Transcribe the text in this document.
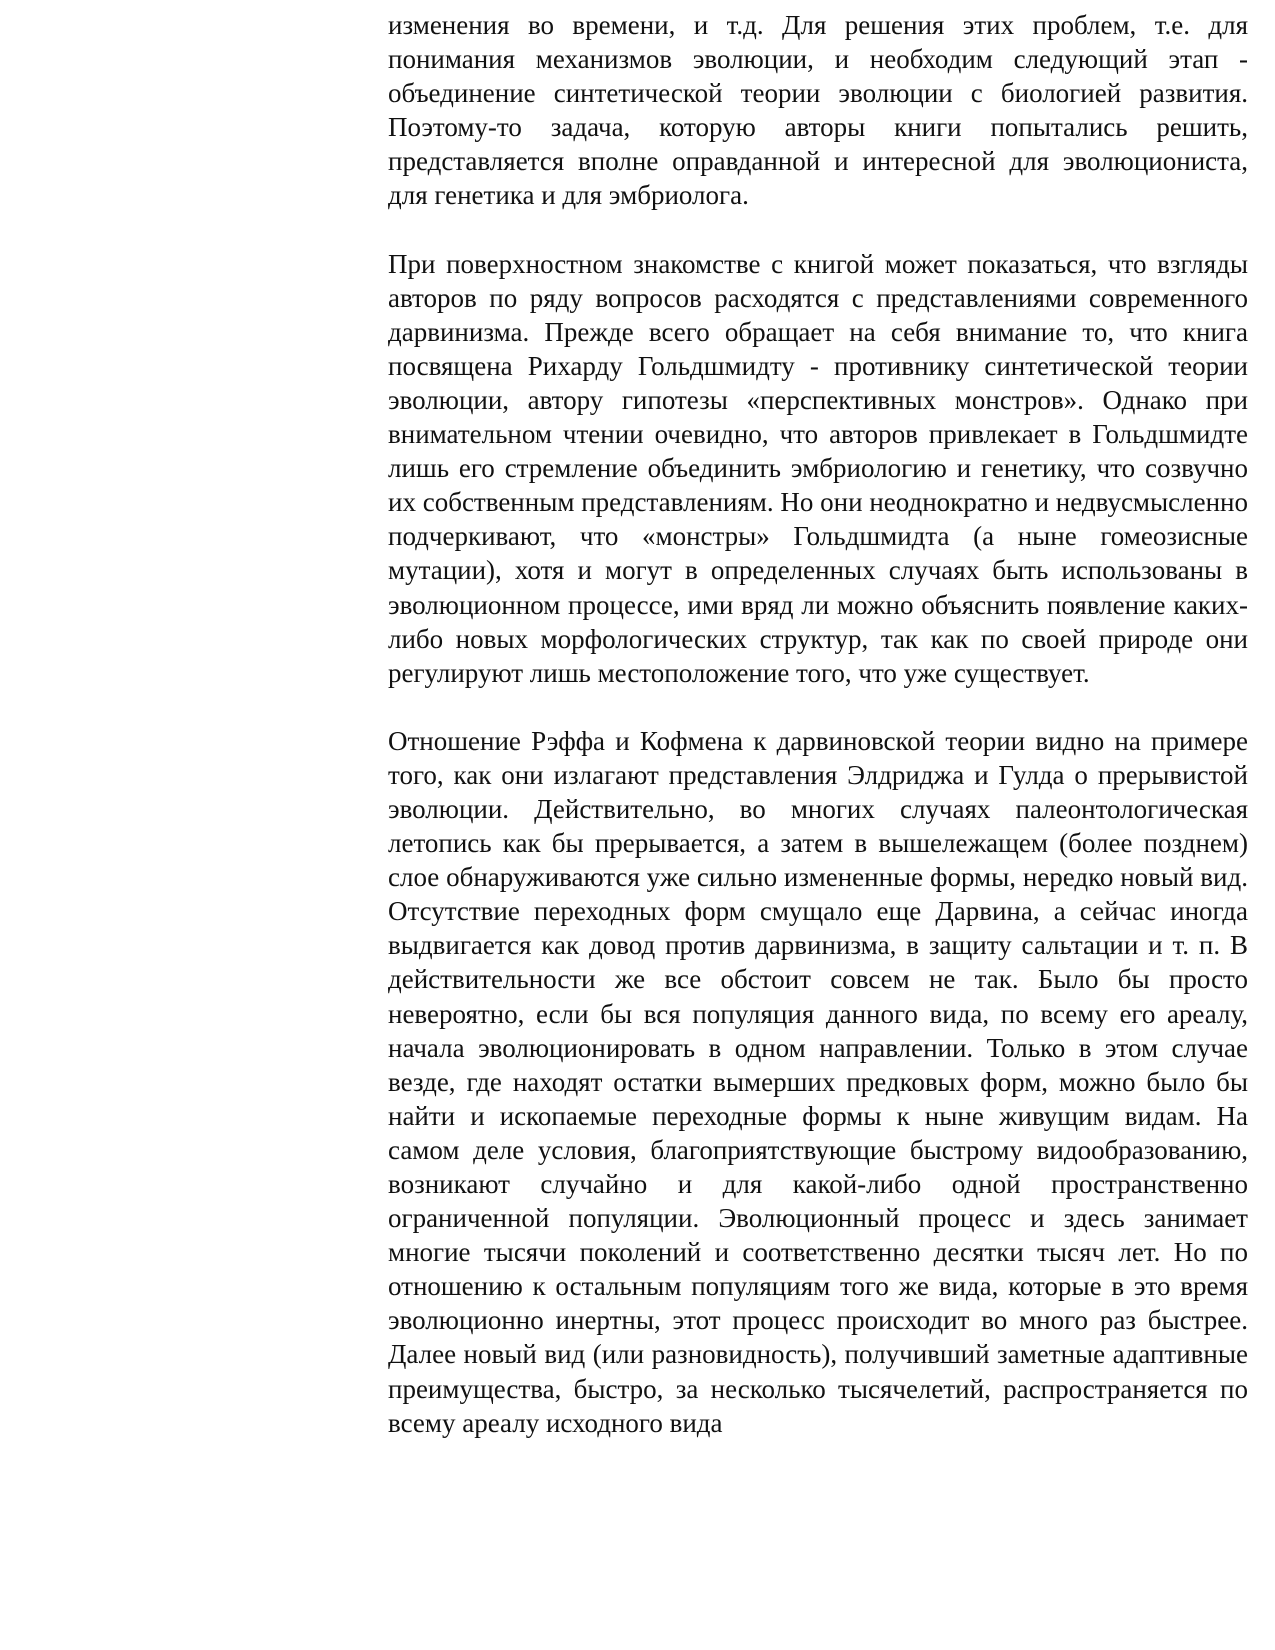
изменения во времени, и т.д. Для решения этих проблем, т.е. для понимания механизмов эволюции, и необходим следующий этап - объединение синтетической теории эволюции с биологией развития. Поэтому-то задача, которую авторы книги попытались решить, представляется вполне оправданной и интересной для эволюциониста, для генетика и для эмбриолога.

При поверхностном знакомстве с книгой может показаться, что взгляды авторов по ряду вопросов расходятся с представлениями современного дарвинизма. Прежде всего обращает на себя внимание то, что книга посвящена Рихарду Гольдшмидту - противнику синтетической теории эволюции, автору гипотезы «перспективных монстров». Однако при внимательном чтении очевидно, что авторов привлекает в Гольдшмидте лишь его стремление объединить эмбриологию и генетику, что созвучно их собственным представлениям. Но они неоднократно и недвусмысленно подчеркивают, что «монстры» Гольдшмидта (а ныне гомеозисные мутации), хотя и могут в определенных случаях быть использованы в эволюционном процессе, ими вряд ли можно объяснить появление каких-либо новых морфологических структур, так как по своей природе они регулируют лишь местоположение того, что уже существует.

Отношение Рэффа и Кофмена к дарвиновской теории видно на примере того, как они излагают представления Элдриджа и Гулда о прерывистой эволюции. Действительно, во многих случаях палеонтологическая летопись как бы прерывается, а затем в вышележащем (более позднем) слое обнаруживаются уже сильно измененные формы, нередко новый вид. Отсутствие переходных форм смущало еще Дарвина, а сейчас иногда выдвигается как довод против дарвинизма, в защиту сальтации и т. п. В действительности же все обстоит совсем не так. Было бы просто невероятно, если бы вся популяция данного вида, по всему его ареалу, начала эволюционировать в одном направлении. Только в этом случае везде, где находят остатки вымерших предковых форм, можно было бы найти и ископаемые переходные формы к ныне живущим видам. На самом деле условия, благоприятствующие быстрому видообразованию, возникают случайно и для какой-либо одной пространственно ограниченной популяции. Эволюционный процесс и здесь занимает многие тысячи поколений и соответственно десятки тысяч лет. Но по отношению к остальным популяциям того же вида, которые в это время эволюционно инертны, этот процесс происходит во много раз быстрее. Далее новый вид (или разновидность), получивший заметные адаптивные преимущества, быстро, за несколько тысячелетий, распространяется по всему ареалу исходного вида
